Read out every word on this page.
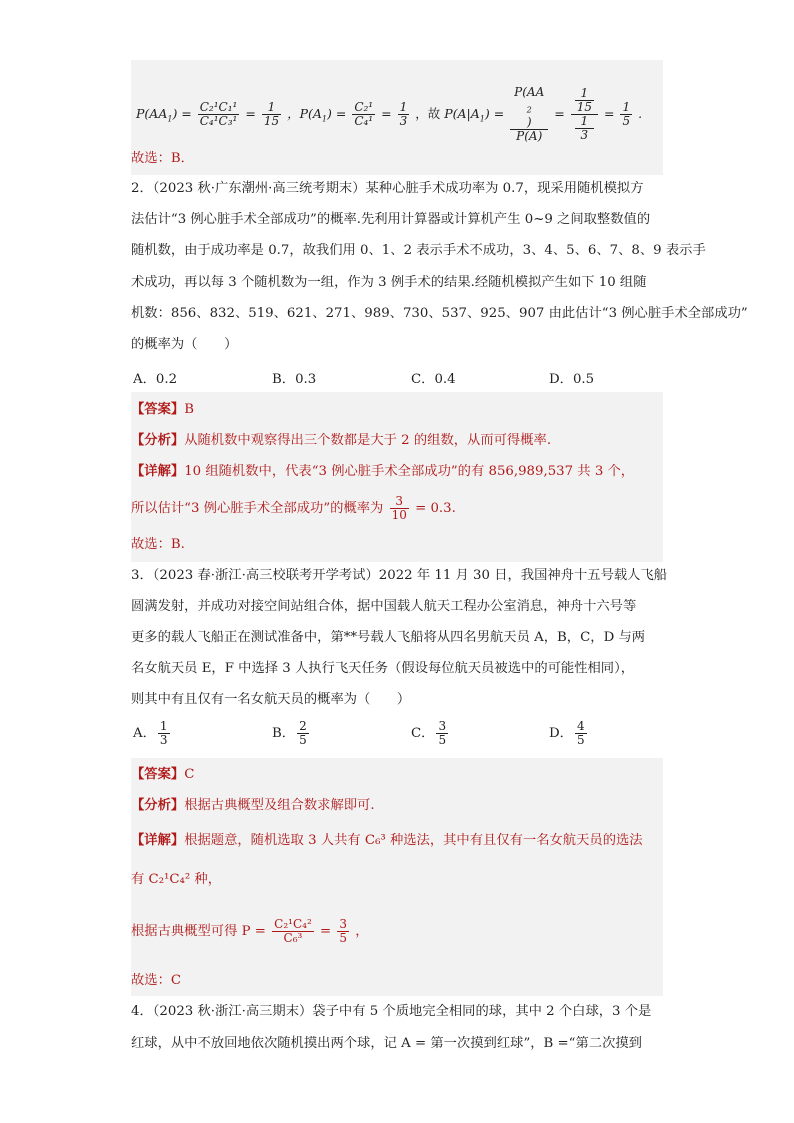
$P(AA_1) = \frac{\text{C₂¹C₁¹}}{\text{C₄¹C₃¹}} = \frac{1}{15}$ ，$P(A_1) = \frac{\text{C₂¹}}{\text{C₄¹}} = \frac{1}{3}$ ，故 $P(A|A_1) = P(AA$
$_2$
)
P(A) = 1
15
1
$3 = \frac{1}{5}$ .
故选：B．
2．（2023 秋·广东潮州·高三统考期末）某种心脏手术成功率为 0.7，现采用随机模拟方
法估计“3 例心脏手术全部成功”的概率.先利用计算器或计算机产生 0~9 之间取整数值的
随机数，由于成功率是 0.7，故我们用 0、1、2 表示手术不成功，3、4、5、6、7、8、9 表示手
术成功，再以每 3 个随机数为一组，作为 3 例手术的结果.经随机模拟产生如下 10 组随
机数：856、832、519、621、271、989、730、537、925、907 由此估计“3 例心脏手术全部成功”
的概率为（　　）
A．0.2	B．0.3	C．0.4	D．0.5
【答案】B
【分析】从随机数中观察得出三个数都是大于 2 的组数，从而可得概率.
【详解】10 组随机数中，代表“3 例心脏手术全部成功”的有 856,989,537 共 3 个，
所以估计“3 例心脏手术全部成功”的概率为 $\frac{3}{10} = 0.3$.
故选：B.
3．（2023 春·浙江·高三校联考开学考试）2022 年 11 月 30 日，我国神舟十五号载人飞船
圆满发射，并成功对接空间站组合体，据中国载人航天工程办公室消息，神舟十六号等
更多的载人飞船正在测试准备中，第**号载人飞船将从四名男航天员 A，B，C，D 与两
名女航天员 E，F 中选择 3 人执行飞天任务（假设每位航天员被选中的可能性相同），
则其中有且仅有一名女航天员的概率为（　　）
A． $\frac{1}{3}$	B． $\frac{2}{5}$	C． $\frac{3}{5}$	D． $\frac{4}{5}$
【答案】C
【分析】根据古典概型及组合数求解即可.
【详解】根据题意，随机选取 3 人共有 C₆³ 种选法，其中有且仅有一名女航天员的选法
有 C₂¹C₄² 种，
根据古典概型可得 $P = \frac{\text{C₂¹C₄²}}{\text{C₆³}} = \frac{3}{5}$ ，
故选：C
4．（2023 秋·浙江·高三期末）袋子中有 5 个质地完全相同的球，其中 2 个白球，3 个是
红球，从中不放回地依次随机摸出两个球，记 A = 第一次摸到红球”，B =“第二次摸到
